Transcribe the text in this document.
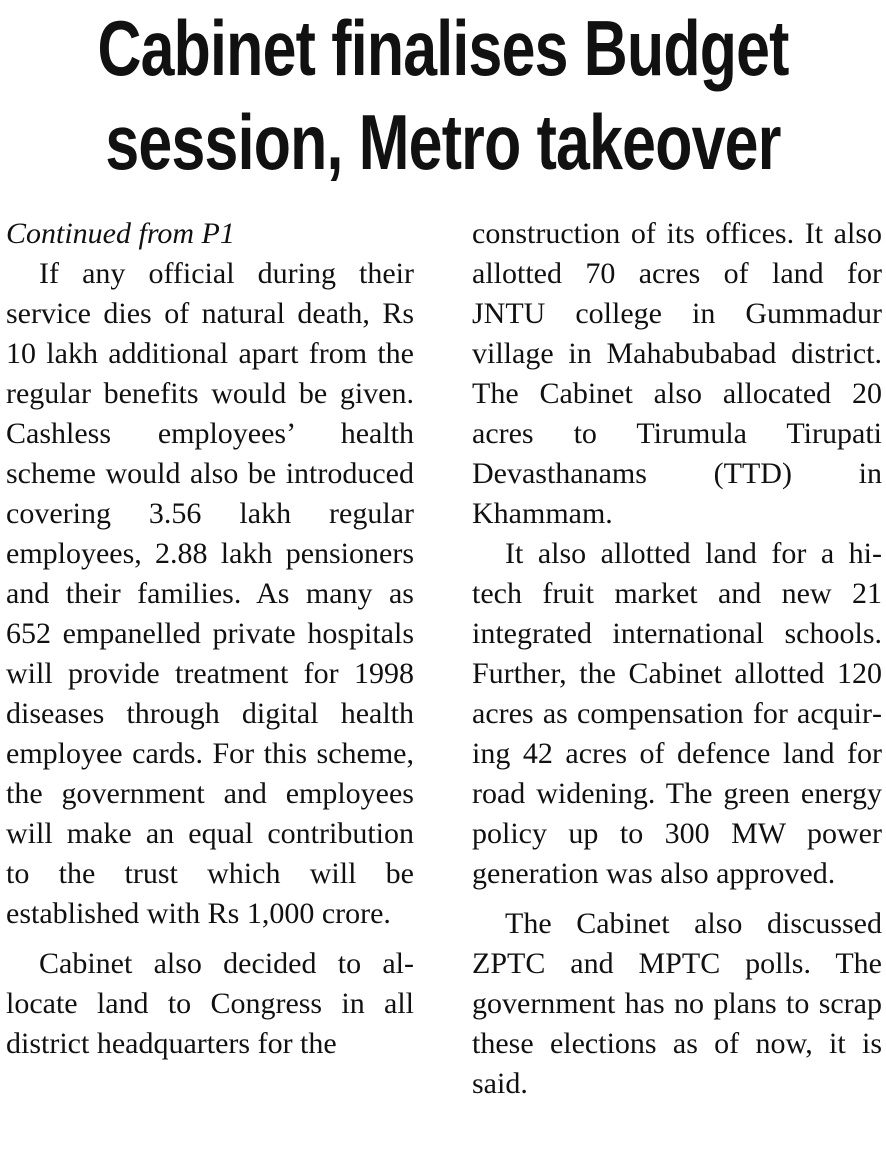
Cabinet finalises Budget
session, Metro takeover
Continued from P1

If any official during their service dies of natural death, Rs 10 lakh additional apart from the regular benefits would be given. Cashless employees’ health scheme would also be introduced covering 3.56 lakh regular employees, 2.88 lakh pensioners and their families. As many as 652 empanelled private hospitals will provide treatment for 1998 diseases through digital health employee cards. For this scheme, the government and employees will make an equal contribution to the trust which will be established with Rs 1,000 crore.

Cabinet also decided to allocate land to Congress in all district headquarters for the

construction of its offices. It also allotted 70 acres of land for JNTU college in Gummadur village in Mahabubabad district. The Cabinet also allocated 20 acres to Tirumula Tirupati Devasthanams (TTD) in Khammam.

It also allotted land for a hi-tech fruit market and new 21 integrated international schools. Further, the Cabinet allotted 120 acres as compensation for acquiring 42 acres of defence land for road widening. The green energy policy up to 300 MW power generation was also approved.

The Cabinet also discussed ZPTC and MPTC polls. The government has no plans to scrap these elections as of now, it is said.
